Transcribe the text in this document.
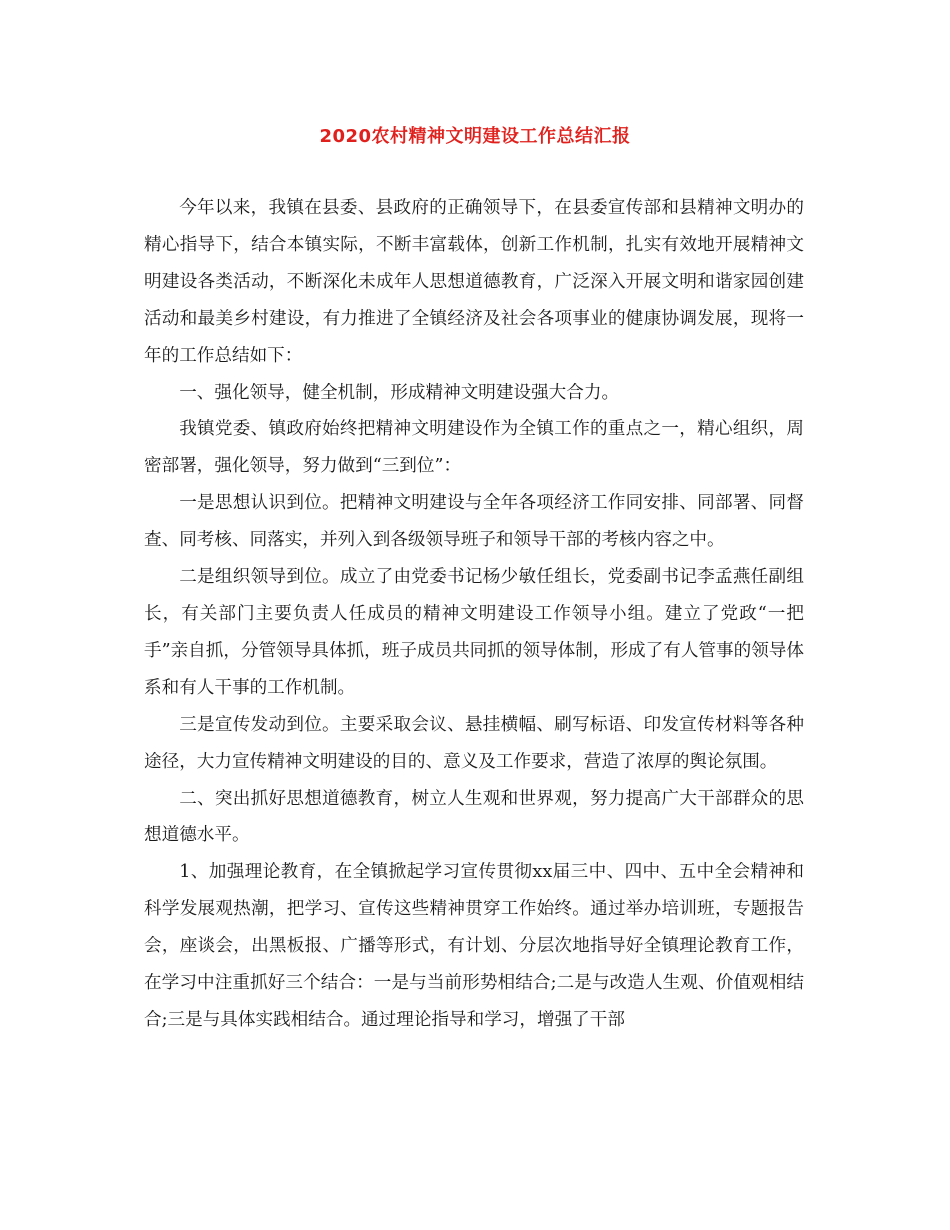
2020农村精神文明建设工作总结汇报

今年以来，我镇在县委、县政府的正确领导下，在县委宣传部和县精神文明办的精心指导下，结合本镇实际，不断丰富载体，创新工作机制，扎实有效地开展精神文明建设各类活动，不断深化未成年人思想道德教育，广泛深入开展文明和谐家园创建活动和最美乡村建设，有力推进了全镇经济及社会各项事业的健康协调发展，现将一年的工作总结如下：

一、强化领导，健全机制，形成精神文明建设强大合力。

我镇党委、镇政府始终把精神文明建设作为全镇工作的重点之一，精心组织，周密部署，强化领导，努力做到“三到位”：

一是思想认识到位。把精神文明建设与全年各项经济工作同安排、同部署、同督查、同考核、同落实，并列入到各级领导班子和领导干部的考核内容之中。

二是组织领导到位。成立了由党委书记杨少敏任组长，党委副书记李孟燕任副组长，有关部门主要负责人任成员的精神文明建设工作领导小组。建立了党政“一把手”亲自抓，分管领导具体抓，班子成员共同抓的领导体制，形成了有人管事的领导体系和有人干事的工作机制。

三是宣传发动到位。主要采取会议、悬挂横幅、刷写标语、印发宣传材料等各种途径，大力宣传精神文明建设的目的、意义及工作要求，营造了浓厚的舆论氛围。

二、突出抓好思想道德教育，树立人生观和世界观，努力提高广大干部群众的思想道德水平。

1、加强理论教育，在全镇掀起学习宣传贯彻xx届三中、四中、五中全会精神和科学发展观热潮，把学习、宣传这些精神贯穿工作始终。通过举办培训班，专题报告会，座谈会，出黑板报、广播等形式，有计划、分层次地指导好全镇理论教育工作，在学习中注重抓好三个结合：一是与当前形势相结合;二是与改造人生观、价值观相结合;三是与具体实践相结合。通过理论指导和学习，增强了干部
